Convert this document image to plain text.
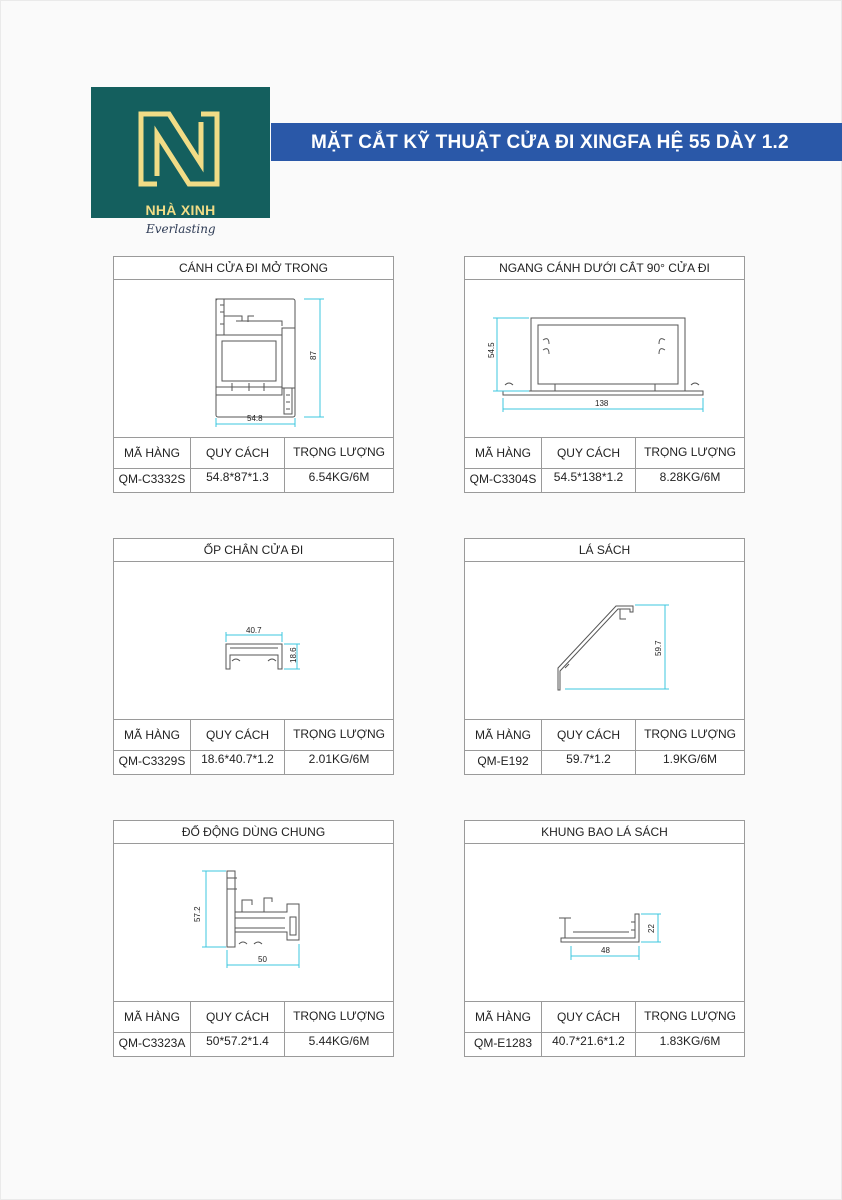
NHÀ XINH
Everlasting
MẶT CẮT KỸ THUẬT CỬA ĐI XINGFA HỆ 55 DÀY 1.2
CÁNH CỬA ĐI MỞ TRONG
54.8
87
MÃ HÀNG	QUY CÁCH	TRỌNG LƯỢNG
QM-C3332S	54.8*87*1.3	6.54KG/6M
NGANG CÁNH DƯỚI CẮT 90° CỬA ĐI
54.5
138
MÃ HÀNG	QUY CÁCH	TRỌNG LƯỢNG
QM-C3304S	54.5*138*1.2	8.28KG/6M
ỐP CHÂN CỬA ĐI
40.7
18.6
MÃ HÀNG	QUY CÁCH	TRỌNG LƯỢNG
QM-C3329S	18.6*40.7*1.2	2.01KG/6M
LÁ SÁCH
59.7
MÃ HÀNG	QUY CÁCH	TRỌNG LƯỢNG
QM-E192	59.7*1.2	1.9KG/6M
ĐỐ ĐỘNG DÙNG CHUNG
57.2
50
MÃ HÀNG	QUY CÁCH	TRỌNG LƯỢNG
QM-C3323A	50*57.2*1.4	5.44KG/6M
KHUNG BAO LÁ SÁCH
22
48
MÃ HÀNG	QUY CÁCH	TRỌNG LƯỢNG
QM-E1283	40.7*21.6*1.2	1.83KG/6M
